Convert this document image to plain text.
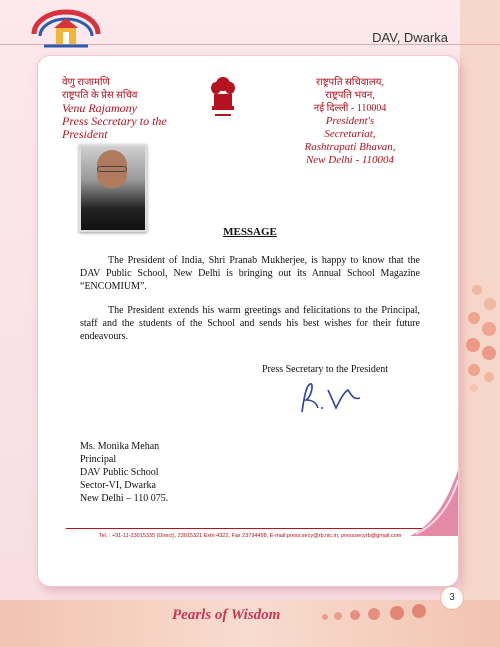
DAV, Dwarka
वेणु राजामणि
राष्ट्रपति के प्रेस सचिव
Venu Rajamony
Press Secretary to the President
राष्ट्रपति सचिवालय,
राष्ट्रपति भवन,
नई दिल्ली - 110004
President's Secretariat,
Rashtrapati Bhavan,
New Delhi - 110004
MESSAGE
The President of India, Shri Pranab Mukherjee, is happy to know that the DAV Public School, New Delhi is bringing out its Annual School Magazine “ENCOMIUM”.
The President extends his warm greetings and felicitations to the Principal, staff and the students of the School and sends his best wishes for their future endeavours.
Press Secretary to the President
Ms. Monika Mehan
Principal
DAV Public School
Sector-VI, Dwarka
New Delhi – 110 075.
Tel. : +91-11-23015335 (Direct), 23015321 Extn 4322, Fax 23794498, E-mail:press.secy@rb.nic.in, presssecyrb@gmail.com
Pearls of Wisdom
3
